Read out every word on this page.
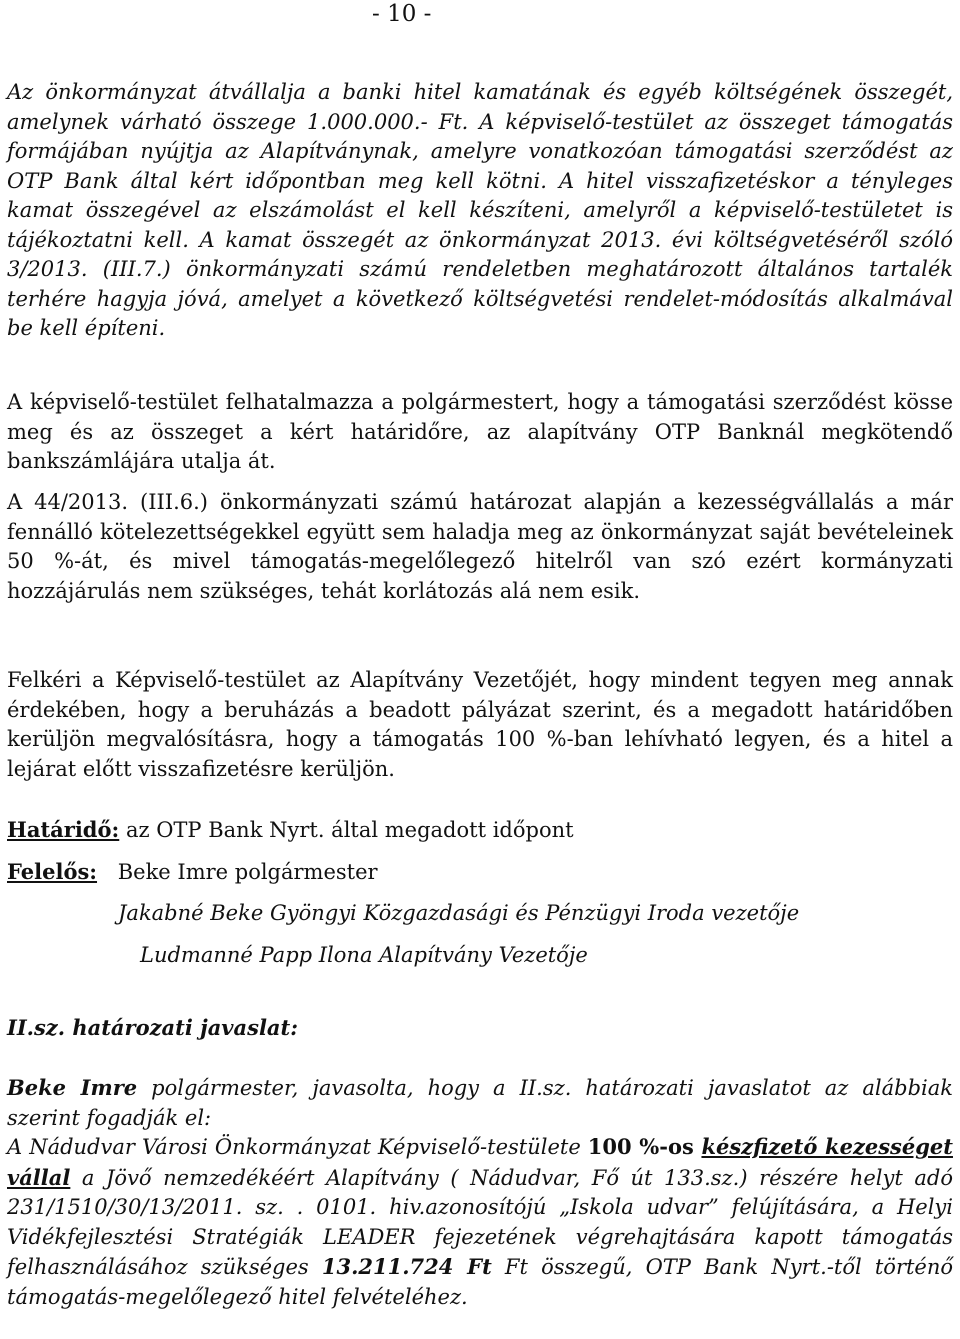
- 10 -

Az önkormányzat átvállalja a banki hitel kamatának és egyéb költségének összegét, amelynek várható összege 1.000.000.- Ft. A képviselő-testület az összeget támogatás formájában nyújtja az Alapítványnak, amelyre vonatkozóan támogatási szerződést az OTP Bank által kért időpontban meg kell kötni. A hitel visszafizetéskor a tényleges kamat összegével az elszámolást el kell készíteni, amelyről a képviselő-testületet is tájékoztatni kell. A kamat összegét az önkormányzat 2013. évi költségvetéséről szóló 3/2013. (III.7.) önkormányzati számú rendeletben meghatározott általános tartalék terhére hagyja jóvá, amelyet a következő költségvetési rendelet-módosítás alkalmával be kell építeni.

A képviselő-testület felhatalmazza a polgármestert, hogy a támogatási szerződést kösse meg és az összeget a kért határidőre, az alapítvány OTP Banknál megkötendő bankszámlájára utalja át.

A 44/2013. (III.6.) önkormányzati számú határozat alapján a kezességvállalás a már fennálló kötelezettségekkel együtt sem haladja meg az önkormányzat saját bevételeinek 50 %-át, és mivel támogatás-megelőlegező hitelről van szó ezért kormányzati hozzájárulás nem szükséges, tehát korlátozás alá nem esik.

Felkéri a Képviselő-testület az Alapítvány Vezetőjét, hogy mindent tegyen meg annak érdekében, hogy a beruházás a beadott pályázat szerint, és a megadott határidőben kerüljön megvalósításra, hogy a támogatás 100 %-ban lehívható legyen, és a hitel a lejárat előtt visszafizetésre kerüljön.

Határidő: az OTP Bank Nyrt. által megadott időpont
Felelős: Beke Imre polgármester
Jakabné Beke Gyöngyi Közgazdasági és Pénzügyi Iroda vezetője
Ludmanné Papp Ilona Alapítvány Vezetője
II.sz. határozati javaslat:

Beke Imre polgármester, javasolta, hogy a II.sz. határozati javaslatot az alábbiak szerint fogadják el:

A Nádudvar Városi Önkormányzat Képviselő-testülete 100 %-os készfizető kezességet vállal a Jövő nemzedékéért Alapítvány ( Nádudvar, Fő út 133.sz.) részére helyt adó 231/1510/30/13/2011. sz. . 0101. hiv.azonosítójú „Iskola udvar” felújítására, a Helyi Vidékfejlesztési Stratégiák LEADER fejezetének végrehajtására kapott támogatás felhasználásához szükséges 13.211.724 Ft Ft összegű, OTP Bank Nyrt.-től történő támogatás-megelőlegező hitel felvételéhez.
